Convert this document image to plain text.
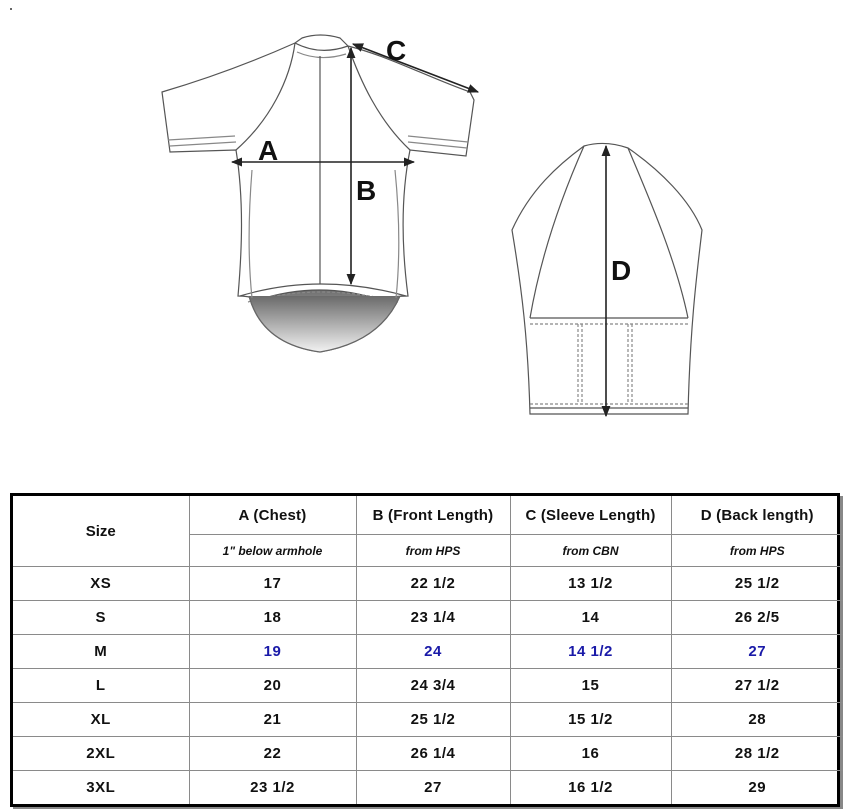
A
B
C
D
Size	A (Chest)	B (Front Length)	C (Sleeve Length)	D (Back length)
	1" below armhole	from HPS	from CBN	from HPS
XS	17	22 1/2	13 1/2	25 1/2
S	18	23 1/4	14	26 2/5
M	19	24	14 1/2	27
L	20	24 3/4	15	27 1/2
XL	21	25 1/2	15 1/2	28
2XL	22	26 1/4	16	28 1/2
3XL	23 1/2	27	16 1/2	29
